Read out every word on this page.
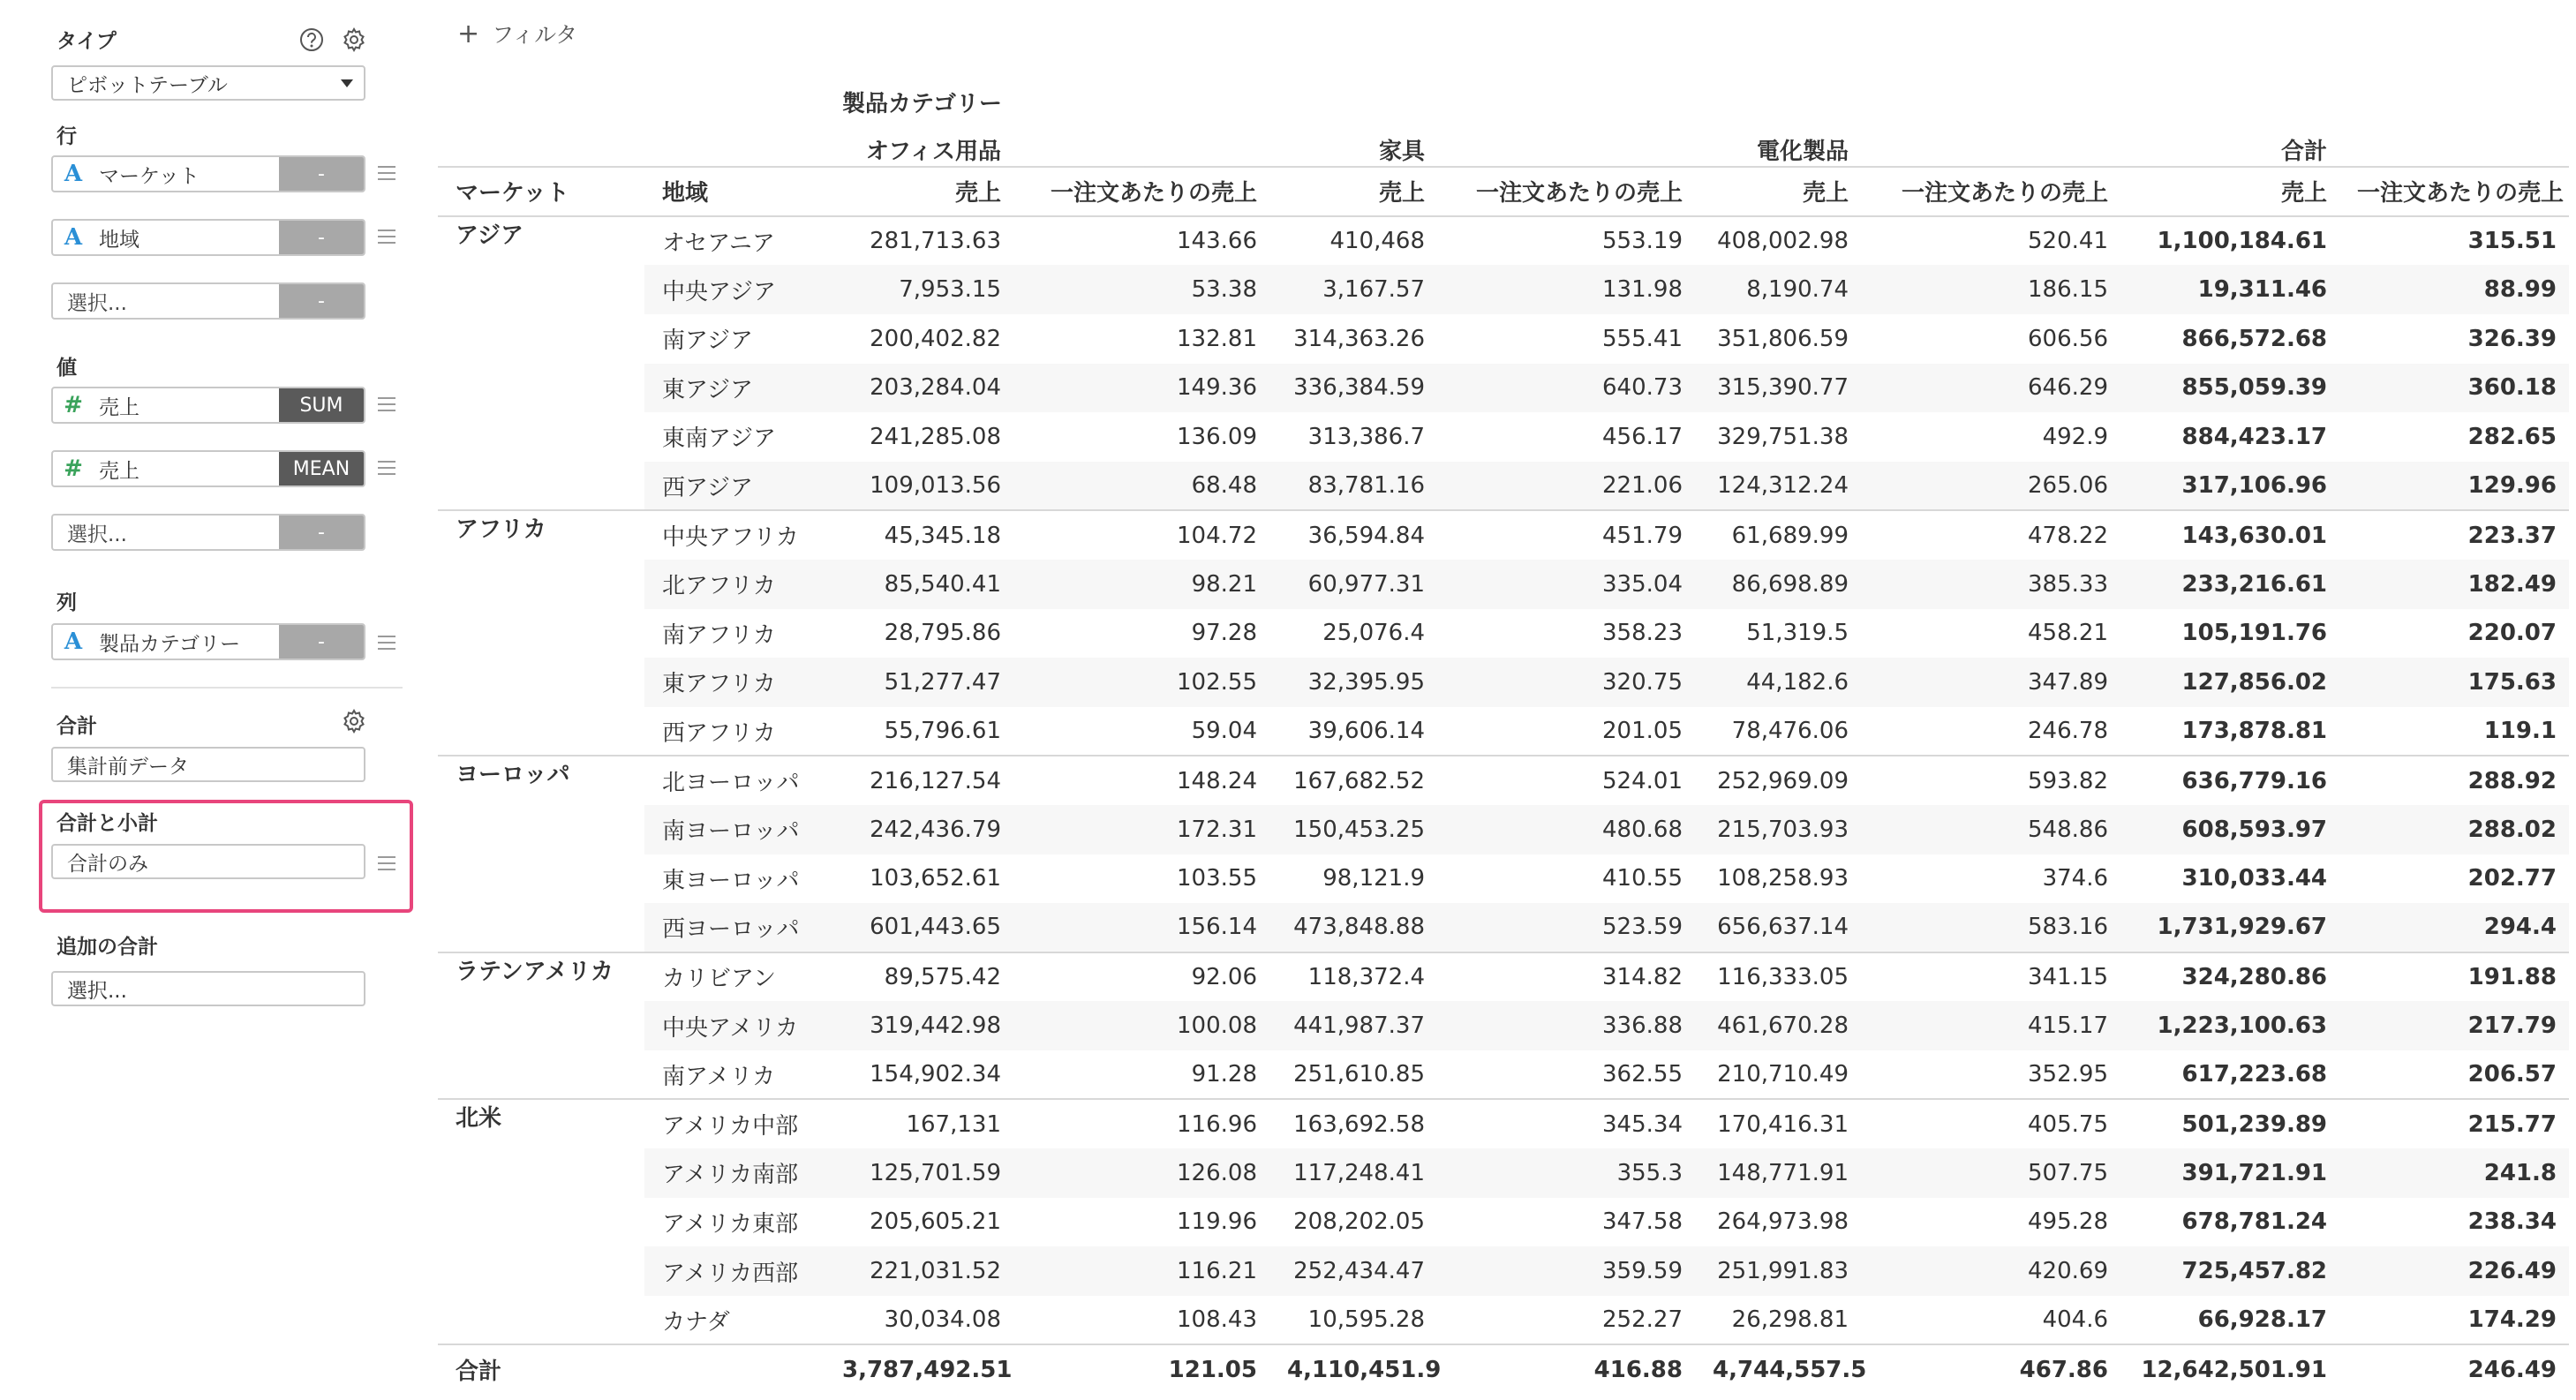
タイプ
ピボットテーブル
行
A マーケット	-
A 地域	-
選択...	-
値
# 売上	SUM
# 売上	MEAN
選択...	-
列
A 製品カテゴリー	-
合計
集計前データ
合計と小計
合計のみ
追加の合計
選択...
+ フィルタ
		製品カテゴリー							
		オフィス用品		家具		電化製品		合計	
マーケット	地域	売上	一注文あたりの売上	売上	一注文あたりの売上	売上	一注文あたりの売上	売上	一注文あたりの売上
アジア	オセアニア	281,713.63	143.66	410,468	553.19	408,002.98	520.41	1,100,184.61	315.51
	中央アジア	7,953.15	53.38	3,167.57	131.98	8,190.74	186.15	19,311.46	88.99
	南アジア	200,402.82	132.81	314,363.26	555.41	351,806.59	606.56	866,572.68	326.39
	東アジア	203,284.04	149.36	336,384.59	640.73	315,390.77	646.29	855,059.39	360.18
	東南アジア	241,285.08	136.09	313,386.7	456.17	329,751.38	492.9	884,423.17	282.65
	西アジア	109,013.56	68.48	83,781.16	221.06	124,312.24	265.06	317,106.96	129.96
アフリカ	中央アフリカ	45,345.18	104.72	36,594.84	451.79	61,689.99	478.22	143,630.01	223.37
	北アフリカ	85,540.41	98.21	60,977.31	335.04	86,698.89	385.33	233,216.61	182.49
	南アフリカ	28,795.86	97.28	25,076.4	358.23	51,319.5	458.21	105,191.76	220.07
	東アフリカ	51,277.47	102.55	32,395.95	320.75	44,182.6	347.89	127,856.02	175.63
	西アフリカ	55,796.61	59.04	39,606.14	201.05	78,476.06	246.78	173,878.81	119.1
ヨーロッパ	北ヨーロッパ	216,127.54	148.24	167,682.52	524.01	252,969.09	593.82	636,779.16	288.92
	南ヨーロッパ	242,436.79	172.31	150,453.25	480.68	215,703.93	548.86	608,593.97	288.02
	東ヨーロッパ	103,652.61	103.55	98,121.9	410.55	108,258.93	374.6	310,033.44	202.77
	西ヨーロッパ	601,443.65	156.14	473,848.88	523.59	656,637.14	583.16	1,731,929.67	294.4
ラテンアメリカ	カリビアン	89,575.42	92.06	118,372.4	314.82	116,333.05	341.15	324,280.86	191.88
	中央アメリカ	319,442.98	100.08	441,987.37	336.88	461,670.28	415.17	1,223,100.63	217.79
	南アメリカ	154,902.34	91.28	251,610.85	362.55	210,710.49	352.95	617,223.68	206.57
北米	アメリカ中部	167,131	116.96	163,692.58	345.34	170,416.31	405.75	501,239.89	215.77
	アメリカ南部	125,701.59	126.08	117,248.41	355.3	148,771.91	507.75	391,721.91	241.8
	アメリカ東部	205,605.21	119.96	208,202.05	347.58	264,973.98	495.28	678,781.24	238.34
	アメリカ西部	221,031.52	116.21	252,434.47	359.59	251,991.83	420.69	725,457.82	226.49
	カナダ	30,034.08	108.43	10,595.28	252.27	26,298.81	404.6	66,928.17	174.29
合計		3,787,492.51	121.05	4,110,451.9	416.88	4,744,557.5	467.86	12,642,501.91	246.49
